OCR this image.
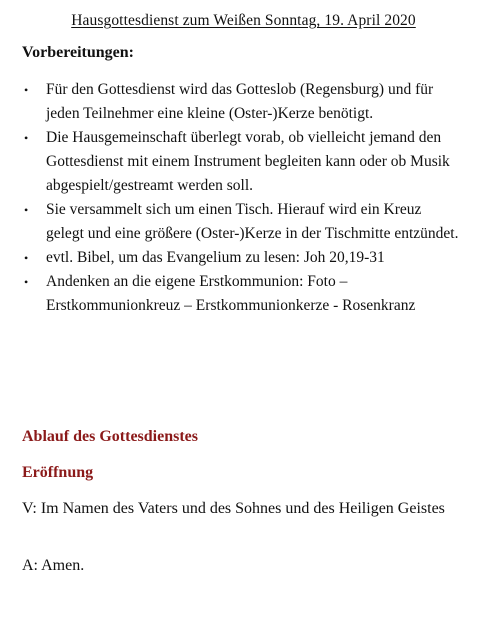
Hausgottesdienst zum Weißen Sonntag, 19. April 2020
Vorbereitungen:
• Für den Gottesdienst wird das Gotteslob (Regensburg) und für jeden Teilnehmer eine kleine (Oster-)Kerze benötigt.
• Die Hausgemeinschaft überlegt vorab, ob vielleicht jemand den Gottesdienst mit einem Instrument begleiten kann oder ob Musik abgespielt/gestreamt werden soll.
• Sie versammelt sich um einen Tisch. Hierauf wird ein Kreuz gelegt und eine größere (Oster-)Kerze in der Tischmitte entzündet.
• evtl. Bibel, um das Evangelium zu lesen: Joh 20,19-31
• Andenken an die eigene Erstkommunion: Foto – Erstkommunionkreuz – Erstkommunionkerze - Rosenkranz
Ablauf des Gottesdienstes
Eröffnung
V: Im Namen des Vaters und des Sohnes und des Heiligen Geistes
A: Amen.
